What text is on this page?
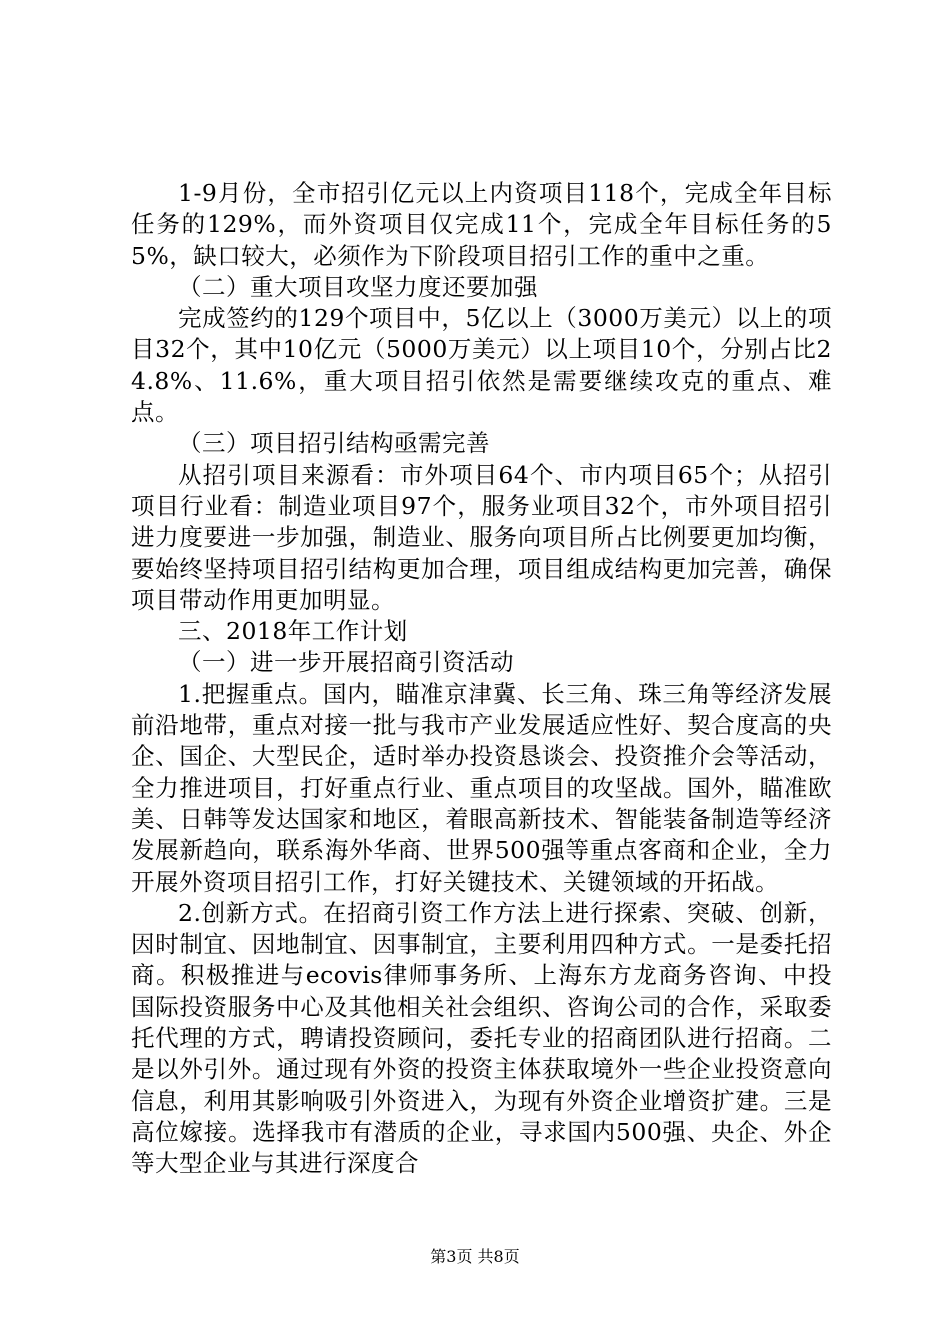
1-9月份，全市招引亿元以上内资项目118个，完成全年目标任务的129%，而外资项目仅完成11个，完成全年目标任务的55%，缺口较大，必须作为下阶段项目招引工作的重中之重。

（二）重大项目攻坚力度还要加强

完成签约的129个项目中，5亿以上（3000万美元）以上的项目32个，其中10亿元（5000万美元）以上项目10个，分别占比24.8%、11.6%，重大项目招引依然是需要继续攻克的重点、难点。

（三）项目招引结构亟需完善

从招引项目来源看：市外项目64个、市内项目65个；从招引项目行业看：制造业项目97个，服务业项目32个，市外项目招引进力度要进一步加强，制造业、服务向项目所占比例要更加均衡，要始终坚持项目招引结构更加合理，项目组成结构更加完善，确保项目带动作用更加明显。

三、2018年工作计划

（一）进一步开展招商引资活动

1.把握重点。国内，瞄准京津冀、长三角、珠三角等经济发展前沿地带，重点对接一批与我市产业发展适应性好、契合度高的央企、国企、大型民企，适时举办投资恳谈会、投资推介会等活动，全力推进项目，打好重点行业、重点项目的攻坚战。国外，瞄准欧美、日韩等发达国家和地区，着眼高新技术、智能装备制造等经济发展新趋向，联系海外华商、世界500强等重点客商和企业，全力开展外资项目招引工作，打好关键技术、关键领域的开拓战。

2.创新方式。在招商引资工作方法上进行探索、突破、创新，因时制宜、因地制宜、因事制宜，主要利用四种方式。一是委托招商。积极推进与ecovis律师事务所、上海东方龙商务咨询、中投国际投资服务中心及其他相关社会组织、咨询公司的合作，采取委托代理的方式，聘请投资顾问，委托专业的招商团队进行招商。二是以外引外。通过现有外资的投资主体获取境外一些企业投资意向信息，利用其影响吸引外资进入，为现有外资企业增资扩建。三是高位嫁接。选择我市有潜质的企业，寻求国内500强、央企、外企等大型企业与其进行深度合

第3页 共8页
